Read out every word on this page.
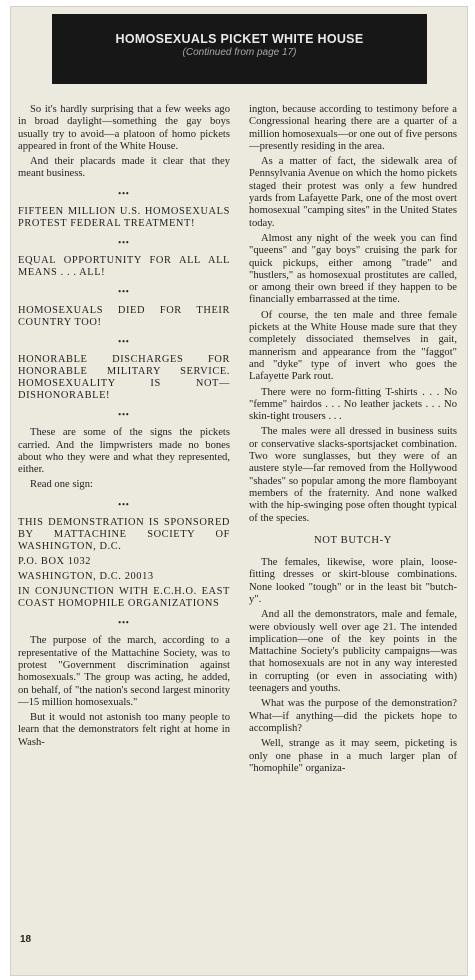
HOMOSEXUALS PICKET WHITE HOUSE
(Continued from page 17)

So it's hardly surprising that a few weeks ago in broad daylight—something the gay boys usually try to avoid—a platoon of homo pickets appeared in front of the White House.

And their placards made it clear that they meant business.

•••

FIFTEEN MILLION U.S. HOMOSEXUALS PROTEST FEDERAL TREATMENT!

•••

EQUAL OPPORTUNITY FOR ALL ALL MEANS . . . ALL!

•••

HOMOSEXUALS DIED FOR THEIR COUNTRY TOO!

•••

HONORABLE DISCHARGES FOR HONORABLE MILITARY SERVICE. HOMOSEXUALITY IS NOT—DISHONORABLE!

•••

These are some of the signs the pickets carried. And the limpwristers made no bones about who they were and what they represented, either.

Read one sign:

•••

THIS DEMONSTRATION IS SPONSORED BY MATTACHINE SOCIETY OF WASHINGTON, D.C.

P.O. BOX 1032

WASHINGTON, D.C. 20013

IN CONJUNCTION WITH E.C.H.O. EAST COAST HOMOPHILE ORGANIZATIONS

•••

The purpose of the march, according to a representative of the Mattachine Society, was to protest "Government discrimination against homosexuals." The group was acting, he added, on behalf, of "the nation's second largest minority—15 million homosexuals."

But it would not astonish too many people to learn that the demonstrators felt right at home in Wash-

ington, because according to testimony before a Congressional hearing there are a quarter of a million homosexuals—or one out of five persons—presently residing in the area.

As a matter of fact, the sidewalk area of Pennsylvania Avenue on which the homo pickets staged their protest was only a few hundred yards from Lafayette Park, one of the most overt homosexual "camping sites" in the United States today.

Almost any night of the week you can find "queens" and "gay boys" cruising the park for quick pickups, either among "trade" and "hustlers," as homosexual prostitutes are called, or among their own breed if they happen to be financially embarrassed at the time.

Of course, the ten male and three female pickets at the White House made sure that they completely dissociated themselves in gait, mannerism and appearance from the "faggot" and "dyke" type of invert who goes the Lafayette Park rout.

There were no form-fitting T-shirts . . . No "femme" hairdos . . . No leather jackets . . . No skin-tight trousers . . .

The males were all dressed in business suits or conservative slacks-sportsjacket combination. Two wore sunglasses, but they were of an austere style—far removed from the Hollywood "shades" so popular among the more flamboyant members of the fraternity. And none walked with the hip-swinging pose often thought typical of the species.

NOT BUTCH-Y

The females, likewise, wore plain, loose-fitting dresses or skirt-blouse combinations. None looked "tough" or in the least bit "butch-y".

And all the demonstrators, male and female, were obviously well over age 21. The intended implication—one of the key points in the Mattachine Society's publicity campaigns—was that homosexuals are not in any way interested in corrupting (or even in associating with) teenagers and youths.

What was the purpose of the demonstration? What—if anything—did the pickets hope to accomplish?

Well, strange as it may seem, picketing is only one phase in a much larger plan of "homophile" organiza-

18
